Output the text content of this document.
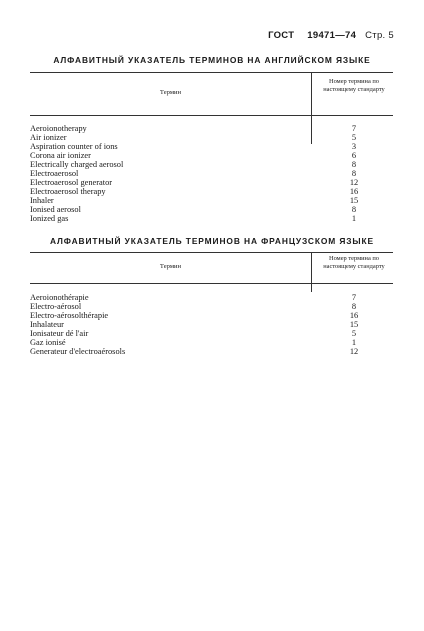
ГОСТ 19471—74 Стр. 5
АЛФАВИТНЫЙ УКАЗАТЕЛЬ ТЕРМИНОВ НА АНГЛИЙСКОМ ЯЗЫКЕ
Термин
Номер термина по настоящему стандарту
Aeroionotherapy	7
Air ionizer	5
Aspiration counter of ions	3
Corona air ionizer	6
Electrically charged aerosol	8
Electroaerosol	8
Electroaerosol generator	12
Electroaerosol therapy	16
Inhaler	15
Ionised aerosol	8
Ionized gas	1
АЛФАВИТНЫЙ УКАЗАТЕЛЬ ТЕРМИНОВ НА ФРАНЦУЗСКОМ ЯЗЫКЕ
Термин
Номер термина по настоящему стандарту
Aeroionothérapie	7
Electro-aérosol	8
Electro-aérosolthérapie	16
Inhalateur	15
Ionisateur dé l'air	5
Gaz ionisé	1
Generateur d'electroaérosols	12
